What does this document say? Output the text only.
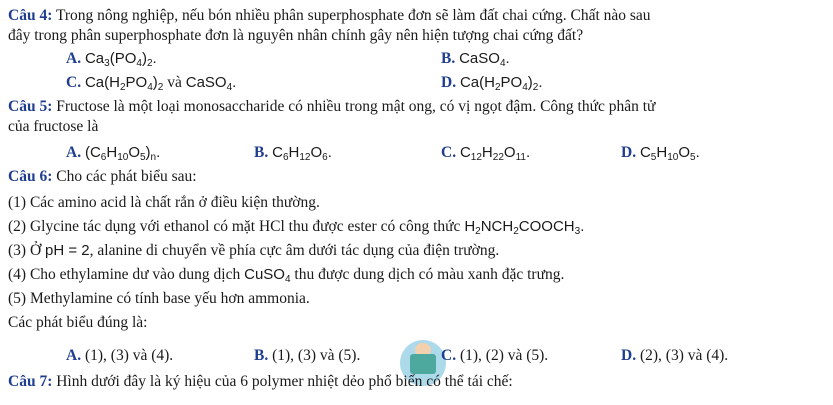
Câu 4: Trong nông nghiệp, nếu bón nhiều phân superphosphate đơn sẽ làm đất chai cứng. Chất nào sau
đây trong phân superphosphate đơn là nguyên nhân chính gây nên hiện tượng chai cứng đất?
A. $Ca_3(PO_4)_2$.	B. CaSO$_4$.
C. $Ca(H_2PO_4)_2$ và CaSO$_4$.	D. $Ca(H_2PO_4)_2$.
Câu 5: Fructose là một loại monosaccharide có nhiều trong mật ong, có vị ngọt đậm. Công thức phân tử
của fructose là
A. $(C_6H_{10}O_5)_n$.	B. $C_6H_{12}O_6$.	C. $C_{12}H_{22}O_{11}$.	D. $C_5H_{10}O_5$.
Câu 6: Cho các phát biểu sau:
(1) Các amino acid là chất rắn ở điều kiện thường.
(2) Glycine tác dụng với ethanol có mặt HCl thu được ester có công thức $H_2NCH_2COOCH_3$.
(3) Ở pH = 2, alanine di chuyển về phía cực âm dưới tác dụng của điện trường.
(4) Cho ethylamine dư vào dung dịch CuSO$_4$ thu được dung dịch có màu xanh đặc trưng.
(5) Methylamine có tính base yếu hơn ammonia.
Các phát biểu đúng là:
A. (1), (3) và (4).	B. (1), (3) và (5).	C. (1), (2) và (5).	D. (2), (3) và (4).
Câu 7: Hình dưới đây là ký hiệu của 6 polymer nhiệt dẻo phổ biến có thể tái chế:
